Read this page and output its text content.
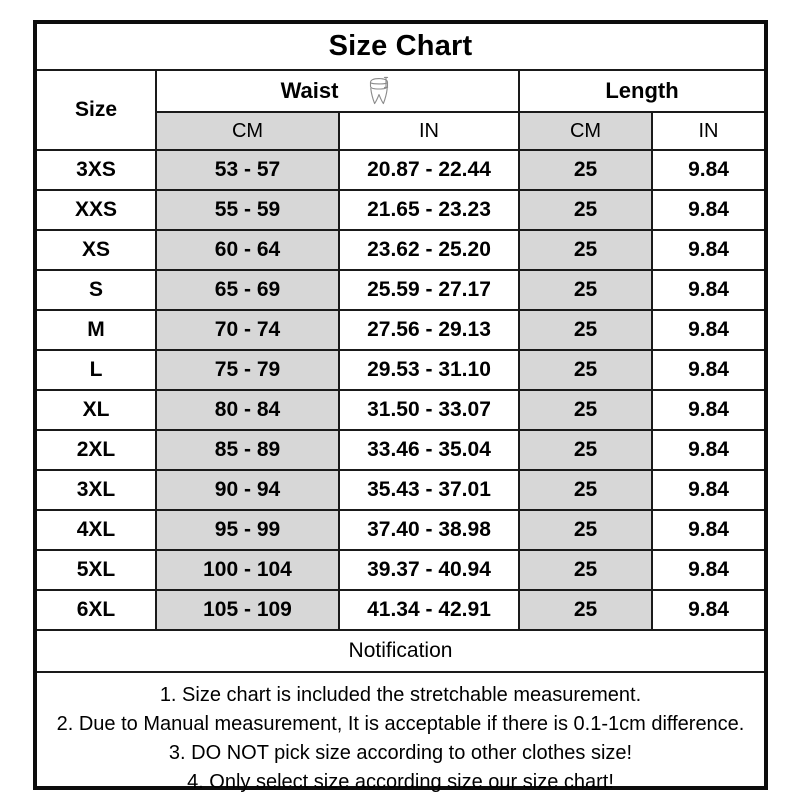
Size Chart				
Size	Waist		Length	
	CM	IN	CM	IN
3XS	53 - 57	20.87 - 22.44	25	9.84
XXS	55 - 59	21.65 - 23.23	25	9.84
XS	60 - 64	23.62 - 25.20	25	9.84
S	65 - 69	25.59 - 27.17	25	9.84
M	70 - 74	27.56 - 29.13	25	9.84
L	75 - 79	29.53 - 31.10	25	9.84
XL	80 - 84	31.50 - 33.07	25	9.84
2XL	85 - 89	33.46 - 35.04	25	9.84
3XL	90 - 94	35.43 - 37.01	25	9.84
4XL	95 - 99	37.40 - 38.98	25	9.84
5XL	100 - 104	39.37 - 40.94	25	9.84
6XL	105 - 109	41.34 - 42.91	25	9.84
Notification				

1. Size chart is included the stretchable measurement.
2. Due to Manual measurement, It is acceptable if there is 0.1-1cm difference.
3. DO NOT pick size according to other clothes size!
4. Only select size according size our size chart!				
